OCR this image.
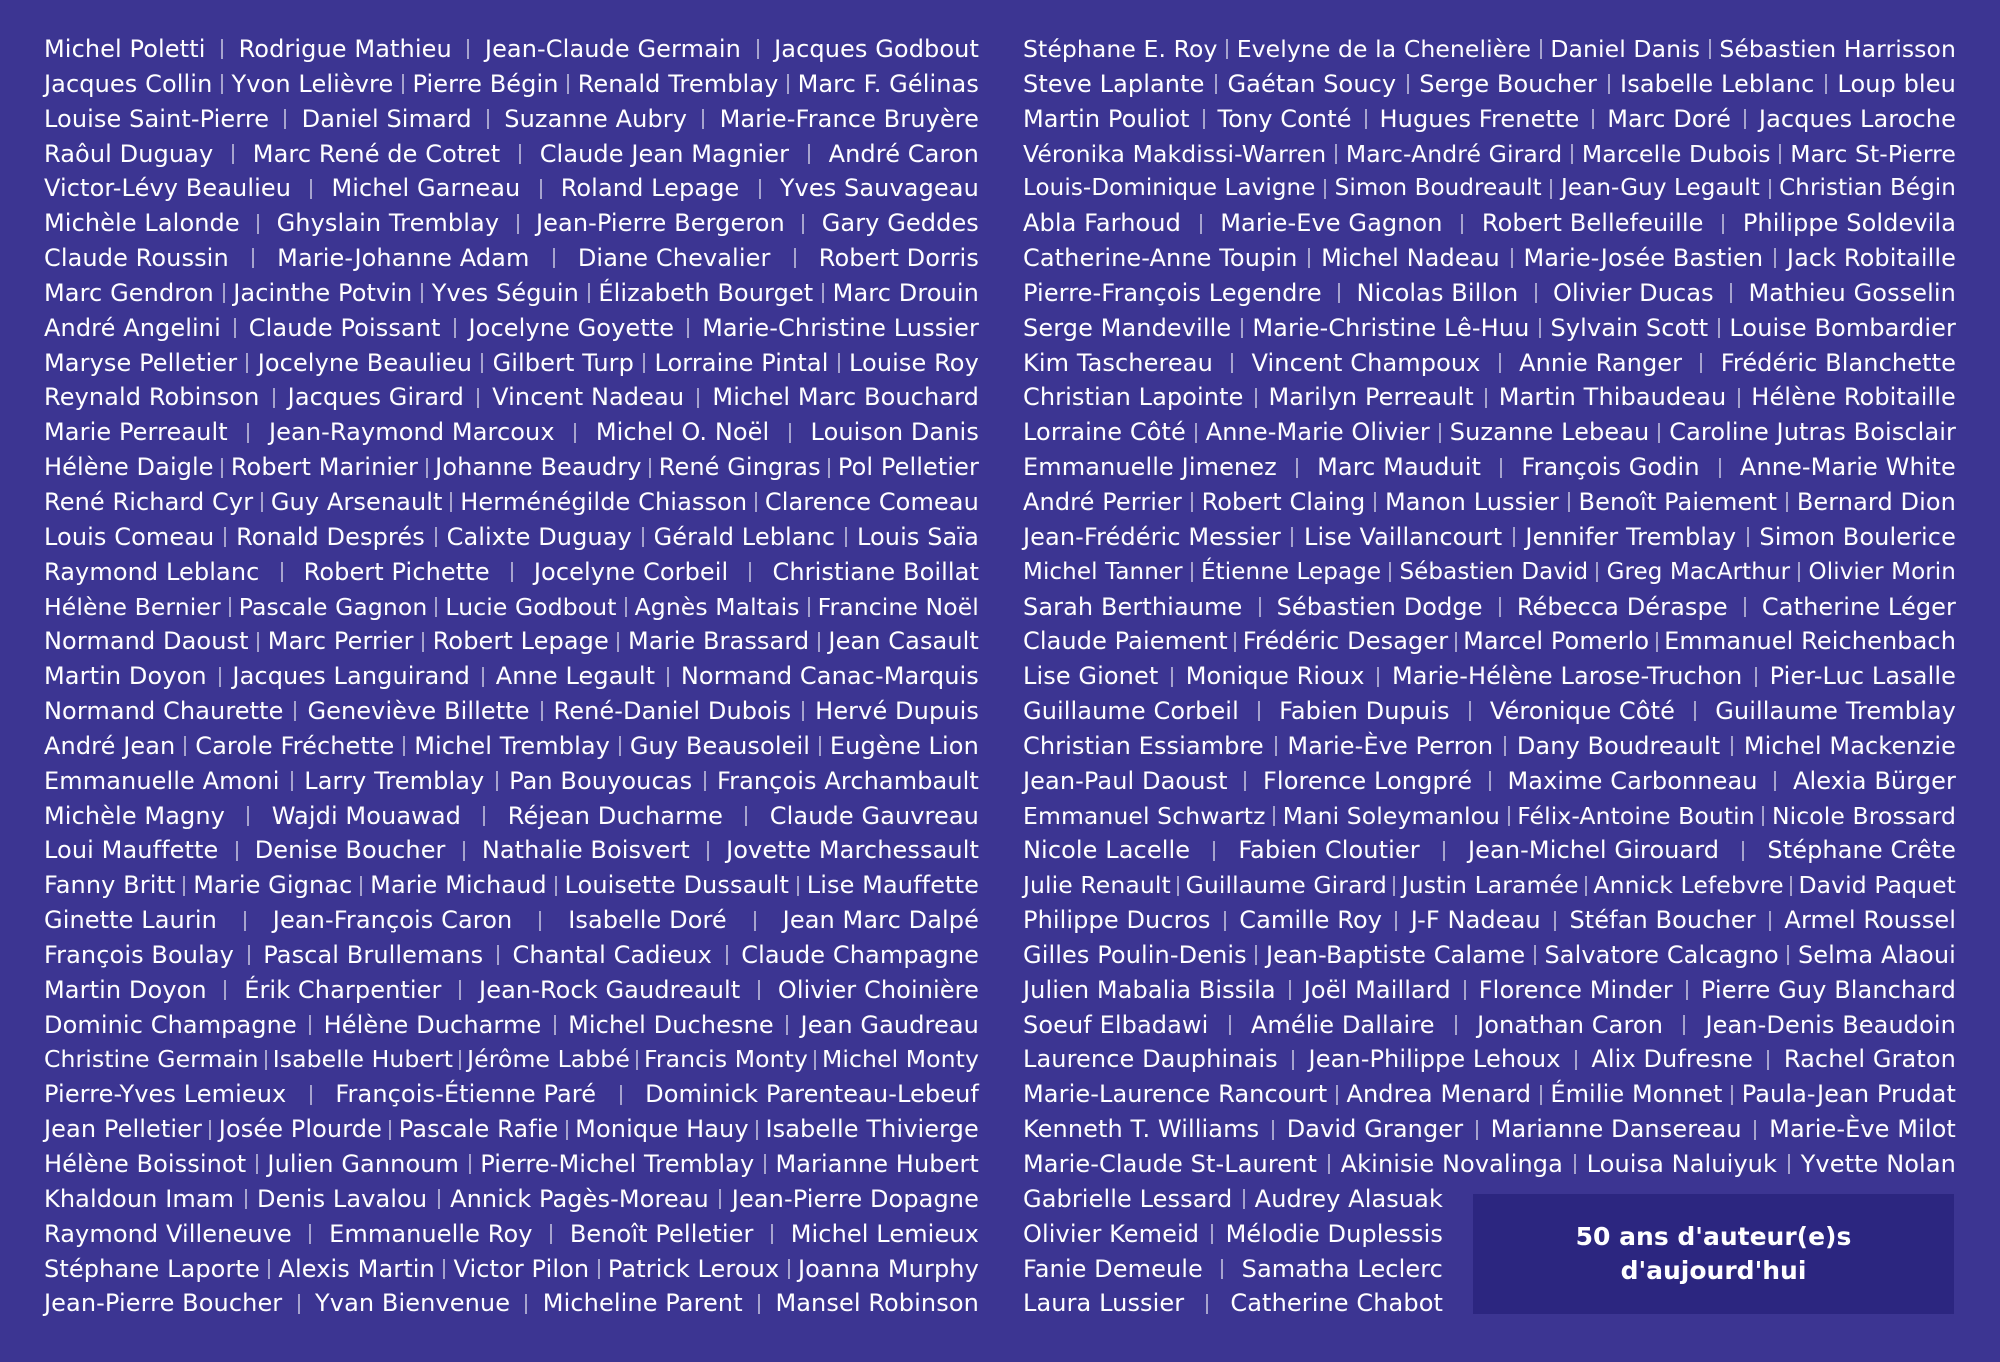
Michel Poletti Rodrigue Mathieu Jean-Claude Germain Jacques Godbout
Jacques Collin Yvon Lelièvre Pierre Bégin Renald Tremblay Marc F. Gélinas
Louise Saint-Pierre Daniel Simard Suzanne Aubry Marie-France Bruyère
Raôul Duguay Marc René de Cotret Claude Jean Magnier André Caron
Victor-Lévy Beaulieu Michel Garneau Roland Lepage Yves Sauvageau
Michèle Lalonde Ghyslain Tremblay Jean-Pierre Bergeron Gary Geddes
Claude Roussin Marie-Johanne Adam Diane Chevalier Robert Dorris
Marc Gendron Jacinthe Potvin Yves Séguin Élizabeth Bourget Marc Drouin
André Angelini Claude Poissant Jocelyne Goyette Marie-Christine Lussier
Maryse Pelletier Jocelyne Beaulieu Gilbert Turp Lorraine Pintal Louise Roy
Reynald Robinson Jacques Girard Vincent Nadeau Michel Marc Bouchard
Marie Perreault Jean-Raymond Marcoux Michel O. Noël Louison Danis
Hélène Daigle Robert Marinier Johanne Beaudry René Gingras Pol Pelletier
René Richard Cyr Guy Arsenault Herménégilde Chiasson Clarence Comeau
Louis Comeau Ronald Després Calixte Duguay Gérald Leblanc Louis Saïa
Raymond Leblanc Robert Pichette Jocelyne Corbeil Christiane Boillat
Hélène Bernier Pascale Gagnon Lucie Godbout Agnès Maltais Francine Noël
Normand Daoust Marc Perrier Robert Lepage Marie Brassard Jean Casault
Martin Doyon Jacques Languirand Anne Legault Normand Canac-Marquis
Normand Chaurette Geneviève Billette René-Daniel Dubois Hervé Dupuis
André Jean Carole Fréchette Michel Tremblay Guy Beausoleil Eugène Lion
Emmanuelle Amoni Larry Tremblay Pan Bouyoucas François Archambault
Michèle Magny Wajdi Mouawad Réjean Ducharme Claude Gauvreau
Loui Mauffette Denise Boucher Nathalie Boisvert Jovette Marchessault
Fanny Britt Marie Gignac Marie Michaud Louisette Dussault Lise Mauffette
Ginette Laurin Jean-François Caron Isabelle Doré Jean Marc Dalpé
François Boulay Pascal Brullemans Chantal Cadieux Claude Champagne
Martin Doyon Érik Charpentier Jean-Rock Gaudreault Olivier Choinière
Dominic Champagne Hélène Ducharme Michel Duchesne Jean Gaudreau
Christine Germain Isabelle Hubert Jérôme Labbé Francis Monty Michel Monty
Pierre-Yves Lemieux François-Étienne Paré Dominick Parenteau-Lebeuf
Jean Pelletier Josée Plourde Pascale Rafie Monique Hauy Isabelle Thivierge
Hélène Boissinot Julien Gannoum Pierre-Michel Tremblay Marianne Hubert
Khaldoun Imam Denis Lavalou Annick Pagès-Moreau Jean-Pierre Dopagne
Raymond Villeneuve Emmanuelle Roy Benoît Pelletier Michel Lemieux
Stéphane Laporte Alexis Martin Victor Pilon Patrick Leroux Joanna Murphy
Jean-Pierre Boucher Yvan Bienvenue Micheline Parent Mansel Robinson
Stéphane E. Roy Evelyne de la Chenelière Daniel Danis Sébastien Harrisson
Steve Laplante Gaétan Soucy Serge Boucher Isabelle Leblanc Loup bleu
Martin Pouliot Tony Conté Hugues Frenette Marc Doré Jacques Laroche
Véronika Makdissi-Warren Marc-André Girard Marcelle Dubois Marc St-Pierre
Louis-Dominique Lavigne Simon Boudreault Jean-Guy Legault Christian Bégin
Abla Farhoud Marie-Eve Gagnon Robert Bellefeuille Philippe Soldevila
Catherine-Anne Toupin Michel Nadeau Marie-Josée Bastien Jack Robitaille
Pierre-François Legendre Nicolas Billon Olivier Ducas Mathieu Gosselin
Serge Mandeville Marie-Christine Lê-Huu Sylvain Scott Louise Bombardier
Kim Taschereau Vincent Champoux Annie Ranger Frédéric Blanchette
Christian Lapointe Marilyn Perreault Martin Thibaudeau Hélène Robitaille
Lorraine Côté Anne-Marie Olivier Suzanne Lebeau Caroline Jutras Boisclair
Emmanuelle Jimenez Marc Mauduit François Godin Anne-Marie White
André Perrier Robert Claing Manon Lussier Benoît Paiement Bernard Dion
Jean-Frédéric Messier Lise Vaillancourt Jennifer Tremblay Simon Boulerice
Michel Tanner Étienne Lepage Sébastien David Greg MacArthur Olivier Morin
Sarah Berthiaume Sébastien Dodge Rébecca Déraspe Catherine Léger
Claude Paiement Frédéric Desager Marcel Pomerlo Emmanuel Reichenbach
Lise Gionet Monique Rioux Marie-Hélène Larose-Truchon Pier-Luc Lasalle
Guillaume Corbeil Fabien Dupuis Véronique Côté Guillaume Tremblay
Christian Essiambre Marie-Ève Perron Dany Boudreault Michel Mackenzie
Jean-Paul Daoust Florence Longpré Maxime Carbonneau Alexia Bürger
Emmanuel Schwartz Mani Soleymanlou Félix-Antoine Boutin Nicole Brossard
Nicole Lacelle Fabien Cloutier Jean-Michel Girouard Stéphane Crête
Julie Renault Guillaume Girard Justin Laramée Annick Lefebvre David Paquet
Philippe Ducros Camille Roy J-F Nadeau Stéfan Boucher Armel Roussel
Gilles Poulin-Denis Jean-Baptiste Calame Salvatore Calcagno Selma Alaoui
Julien Mabalia Bissila Joël Maillard Florence Minder Pierre Guy Blanchard
Soeuf Elbadawi Amélie Dallaire Jonathan Caron Jean-Denis Beaudoin
Laurence Dauphinais Jean-Philippe Lehoux Alix Dufresne Rachel Graton
Marie-Laurence Rancourt Andrea Menard Émilie Monnet Paula-Jean Prudat
Kenneth T. Williams David Granger Marianne Dansereau Marie-Ève Milot
Marie-Claude St-Laurent Akinisie Novalinga Louisa Naluiyuk Yvette Nolan
Gabrielle Lessard Audrey Alasuak
Olivier Kemeid Mélodie Duplessis
Fanie Demeule Samatha Leclerc
Laura Lussier Catherine Chabot
50 ans d'auteur(e)s
d'aujourd'hui
